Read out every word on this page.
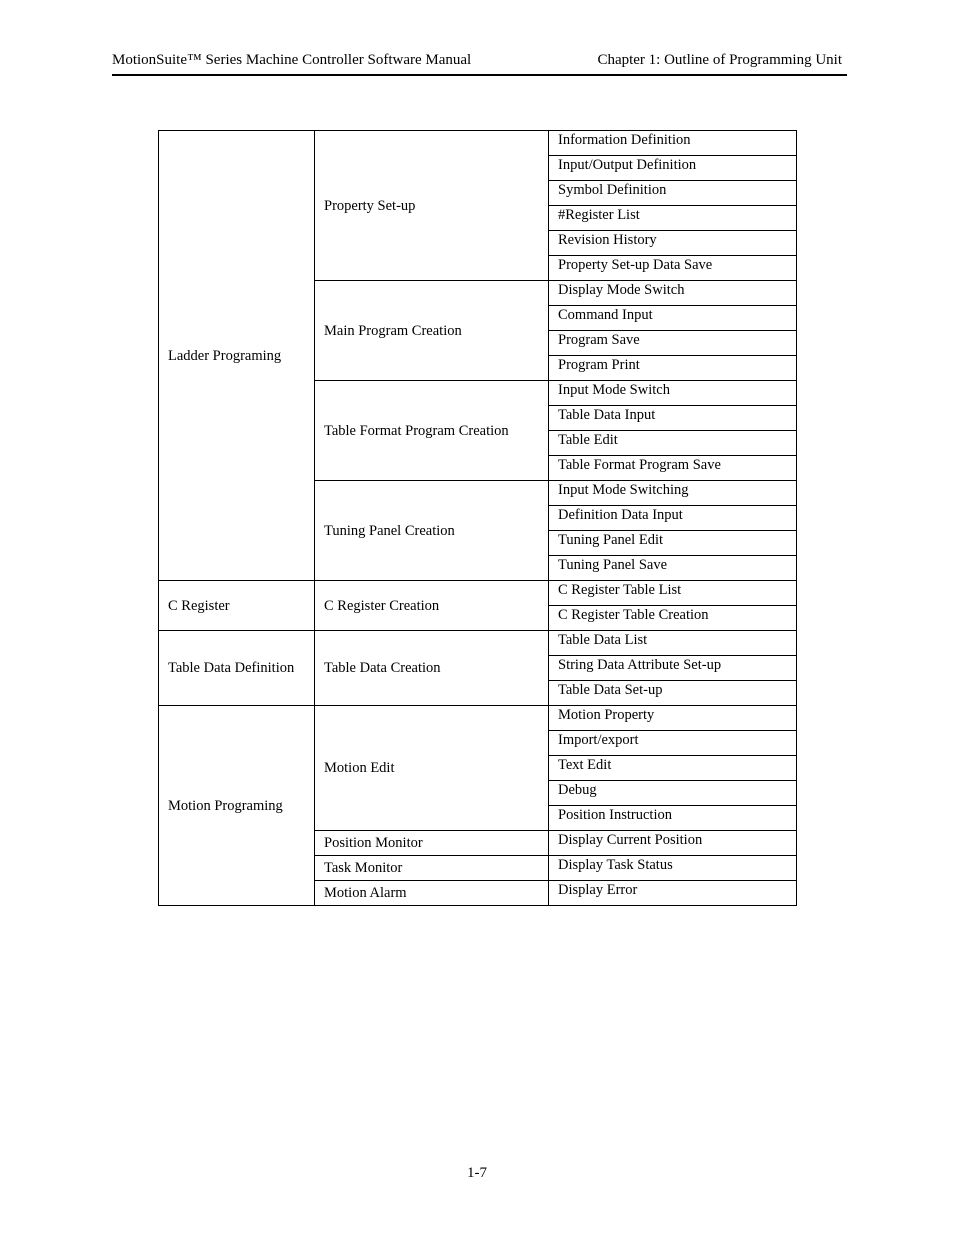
MotionSuite™ Series Machine Controller Software Manual	Chapter 1: Outline of Programming Unit
Ladder Programing	Property Set-up	Information Definition
		Input/Output Definition
		Symbol Definition
		#Register List
		Revision History
		Property Set-up Data Save
	Main Program Creation	Display Mode Switch
		Command Input
		Program Save
		Program Print
	Table Format Program Creation	Input Mode Switch
		Table Data Input
		Table Edit
		Table Format Program Save
	Tuning Panel Creation	Input Mode Switching
		Definition Data Input
		Tuning Panel Edit
		Tuning Panel Save
C Register	C Register Creation	C Register Table List
		C Register Table Creation
Table Data Definition	Table Data Creation	Table Data List
		String Data Attribute Set-up
		Table Data Set-up
Motion Programing	Motion Edit	Motion Property
		Import/export
		Text Edit
		Debug
		Position Instruction
	Position Monitor	Display Current Position
	Task Monitor	Display Task Status
	Motion Alarm	Display Error
1-7
